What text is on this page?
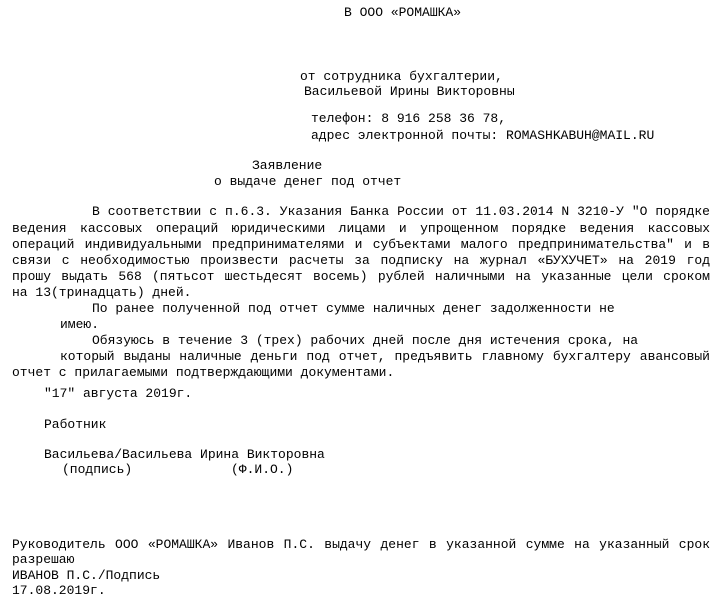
В ООО «РОМАШКА»
от сотрудника бухгалтерии,
Васильевой Ирины Викторовны
телефон: 8 916 258 36 78,
адрес электронной почты: ROMASHKABUH@MAIL.RU
Заявление
о выдаче денег под отчет
В соответствии с п.6.3. Указания Банка России от 11.03.2014 N 3210-У "О порядке
ведения кассовых операций юридическими лицами и упрощенном порядке ведения кассовых
операций индивидуальными предпринимателями и субъектами малого предпринимательства" и в
связи с необходимостью произвести расчеты за подписку на журнал «БУХУЧЕТ» на 2019 год
прошу выдать 568 (пятьсот шестьдесят восемь) рублей наличными на указанные цели сроком
на 13(тринадцать) дней.
По ранее полученной под отчет сумме наличных денег задолженности не
имею.
Обязуюсь в течение 3 (трех) рабочих дней после дня истечения срока, на
который выданы наличные деньги под отчет, предъявить главному бухгалтеру авансовый
отчет с прилагаемыми подтверждающими документами.
"17" августа 2019г.
Работник
Васильева/Васильева Ирина Викторовна
(подпись)	(Ф.И.О.)
Руководитель ООО «РОМАШКА» Иванов П.С. выдачу денег в указанной сумме на указанный срок
разрешаю
ИВАНОВ П.С./Подпись
17.08.2019г.
